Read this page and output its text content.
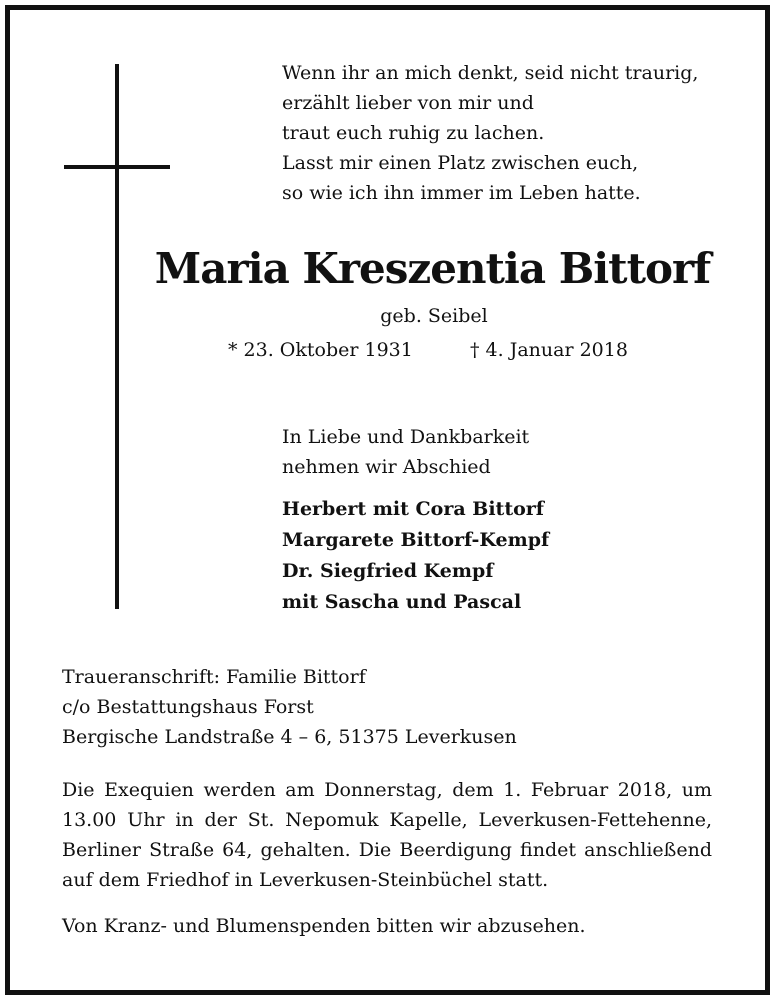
Wenn ihr an mich denkt, seid nicht traurig,
erzählt lieber von mir und
traut euch ruhig zu lachen.
Lasst mir einen Platz zwischen euch,
so wie ich ihn immer im Leben hatte.
Maria Kreszentia Bittorf
geb. Seibel
* 23. Oktober 1931	† 4. Januar 2018
In Liebe und Dankbarkeit
nehmen wir Abschied
Herbert mit Cora Bittorf
Margarete Bittorf-Kempf
Dr. Siegfried Kempf
mit Sascha und Pascal
Traueranschrift: Familie Bittorf
c/o Bestattungshaus Forst
Bergische Landstraße 4 – 6, 51375 Leverkusen
Die Exequien werden am Donnerstag, dem 1. Februar 2018, um
13.00 Uhr in der St. Nepomuk Kapelle, Leverkusen-Fettehenne,
Berliner Straße 64, gehalten. Die Beerdigung findet anschließend
auf dem Friedhof in Leverkusen-Steinbüchel statt.
Von Kranz- und Blumenspenden bitten wir abzusehen.
